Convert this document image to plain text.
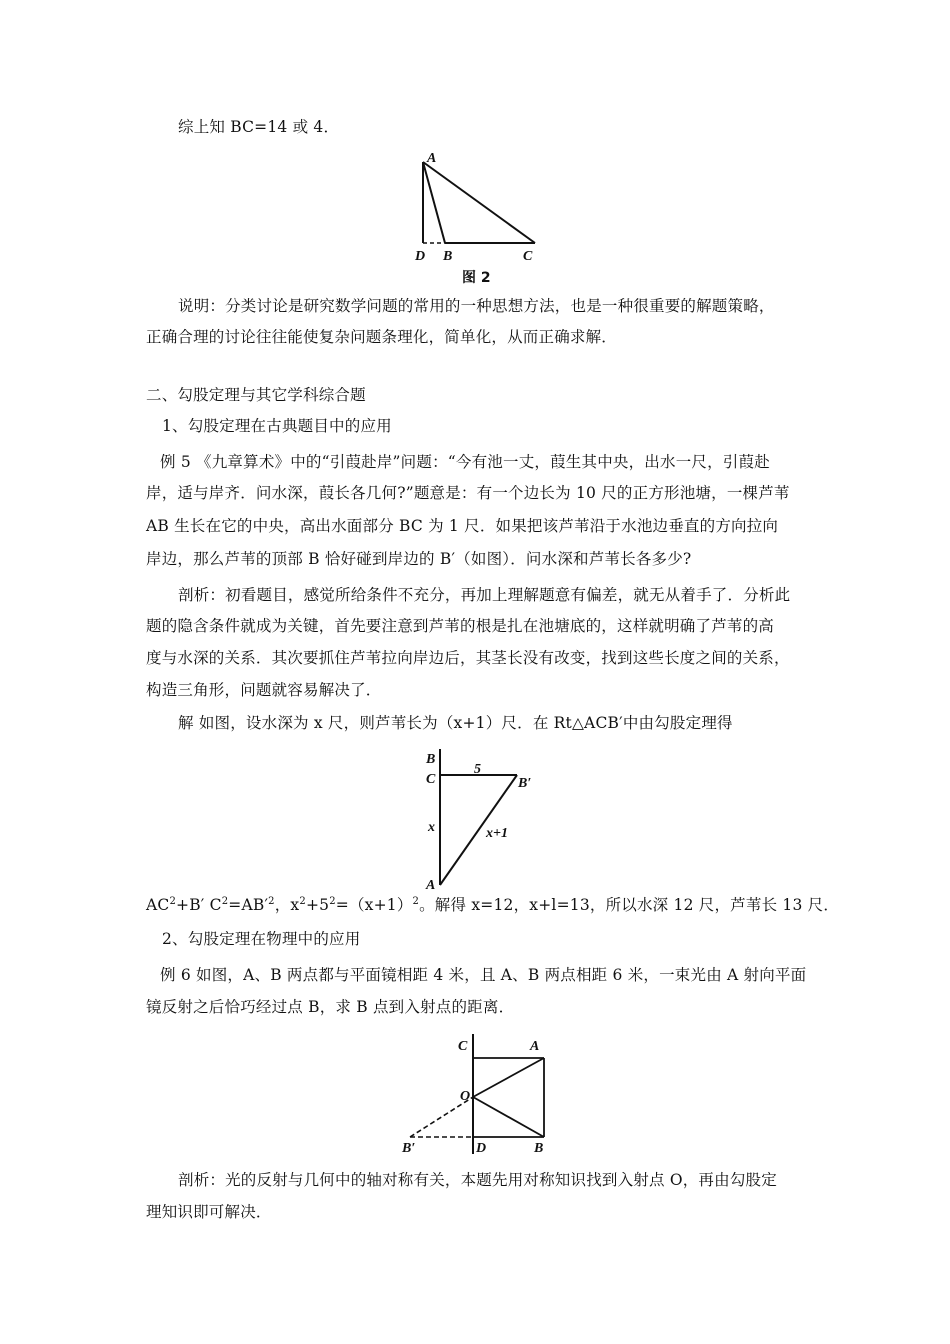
综上知 BC=14 或 4．
A
D B	C
图 2
说明：分类讨论是研究数学问题的常用的一种思想方法，也是一种很重要的解题策略，
正确合理的讨论往往能使复杂问题条理化，简单化，从而正确求解．
二、勾股定理与其它学科综合题
1、勾股定理在古典题目中的应用
例 5 《九章算术》中的“引葭赴岸”问题：“今有池一丈，葭生其中央，出水一尺，引葭赴
岸，适与岸齐．问水深，葭长各几何?”题意是：有一个边长为 10 尺的正方形池塘，一棵芦苇
AB 生长在它的中央，高出水面部分 BC 为 1 尺．如果把该芦苇沿于水池边垂直的方向拉向
岸边，那么芦苇的顶部 B 恰好碰到岸边的 B′（如图）．问水深和芦苇长各多少?
剖析：初看题目，感觉所给条件不充分，再加上理解题意有偏差，就无从着手了．分析此
题的隐含条件就成为关键，首先要注意到芦苇的根是扎在池塘底的，这样就明确了芦苇的高
度与水深的关系．其次要抓住芦苇拉向岸边后，其茎长没有改变，找到这些长度之间的关系，
构造三角形，问题就容易解决了．
解 如图，设水深为 x 尺，则芦苇长为（x+1）尺．在 Rt△ACB′中由勾股定理得
B
C
5
B′
x	x+1
A
$AC^2+B'$ $C^2=AB'^2$，$x^2+5^2=(x+1)^2$。解得 x=12，x+l=13，所以水深 12 尺，芦苇长 13 尺．
2、勾股定理在物理中的应用
例 6 如图，A、B 两点都与平面镜相距 4 米，且 A、B 两点相距 6 米，一束光由 A 射向平面
镜反射之后恰巧经过点 B，求 B 点到入射点的距离．
C	A
O
B′	D	B
剖析：光的反射与几何中的轴对称有关，本题先用对称知识找到入射点 O，再由勾股定
理知识即可解决．
